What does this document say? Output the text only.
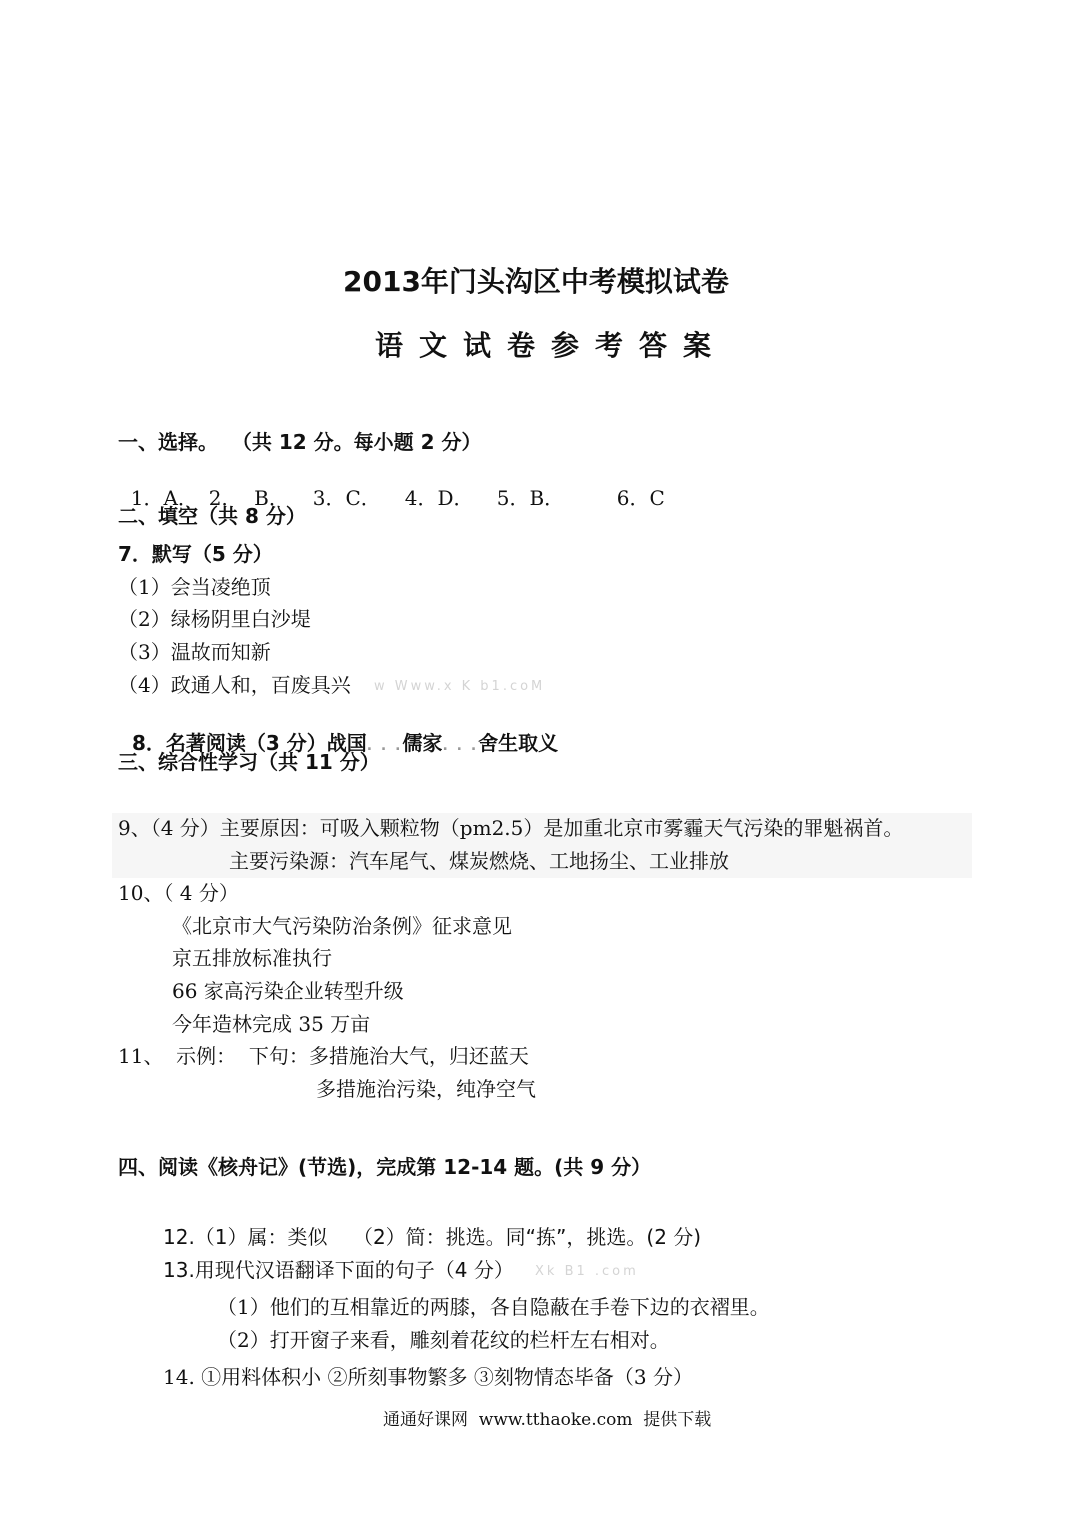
2013年门头沟区中考模拟试卷
语文试卷参考答案
一、选择。  （共 12 分。每小题 2 分）

1．A． 2．  B． 3．C． 4．D． 5．B．	6．C

二、填空（共 8 分）
7．默写（5 分）
（1）会当凌绝顶
（2）绿杨阴里白沙堤
（3）温故而知新
（4）政通人和，百废具兴 w Www.x K b1.coM

8．名著阅读（3 分）战国. . .儒家. . .舍生取义

三、综合性学习（共 11 分）
9、（4 分）主要原因：可吸入颗粒物（pm2.5）是加重北京市雾霾天气污染的罪魁祸首。
主要污染源：汽车尾气、煤炭燃烧、工地扬尘、工业排放
10、（ 4 分）
《北京市大气污染防治条例》征求意见
京五排放标准执行
66 家高污染企业转型升级
今年造林完成 35 万亩
11、  示例：  下句：多措施治大气，归还蓝天
多措施治污染，纯净空气
四、阅读《核舟记》(节选)，完成第 12-14 题。(共 9 分）
12.（1）属：类似    （2）简：挑选。同“拣”，挑选。(2 分)
13.用现代汉语翻译下面的句子（4 分） Xk B1 .com
（1）他们的互相靠近的两膝，各自隐蔽在手卷下边的衣褶里。
（2）打开窗子来看，雕刻着花纹的栏杆左右相对。
14. ①用料体积小 ②所刻事物繁多 ③刻物情态毕备（3 分）
通通好课网  www.tthaoke.com  提供下载
